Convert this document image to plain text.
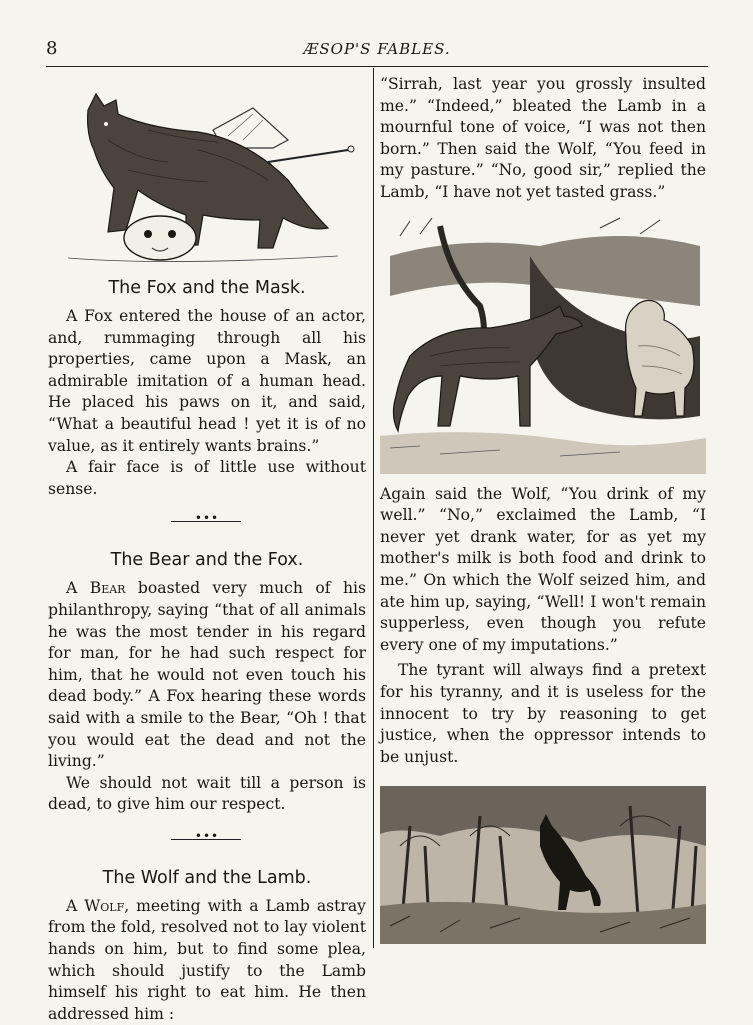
8	ÆSOP'S FABLES.
The Fox and the Mask.

A Fox entered the house of an actor, and, rummaging through all his properties, came upon a Mask, an admirable imitation of a human head. He placed his paws on it, and said, “What a beautiful head ! yet it is of no value, as it entirely wants brains.”

A fair face is of little use without sense.

•••
The Bear and the Fox.

A Bear boasted very much of his philanthropy, saying “that of all animals he was the most tender in his regard for man, for he had such respect for him, that he would not even touch his dead body.” A Fox hearing these words said with a smile to the Bear, “Oh ! that you would eat the dead and not the living.”

We should not wait till a person is dead, to give him our respect.

•••
The Wolf and the Lamb.

A Wolf, meeting with a Lamb astray from the fold, resolved not to lay violent hands on him, but to find some plea, which should justify to the Lamb himself his right to eat him. He then addressed him :

“Sirrah, last year you grossly insulted me.” “Indeed,” bleated the Lamb in a mournful tone of voice, “I was not then born.” Then said the Wolf, “You feed in my pasture.” “No, good sir,” replied the Lamb, “I have not yet tasted grass.”

Again said the Wolf, “You drink of my well.” “No,” exclaimed the Lamb, “I never yet drank water, for as yet my mother's milk is both food and drink to me.” On which the Wolf seized him, and ate him up, saying, “Well! I won't remain supperless, even though you refute every one of my imputations.”

The tyrant will always find a pretext for his tyranny, and it is useless for the innocent to try by reasoning to get justice, when the oppressor intends to be unjust.
